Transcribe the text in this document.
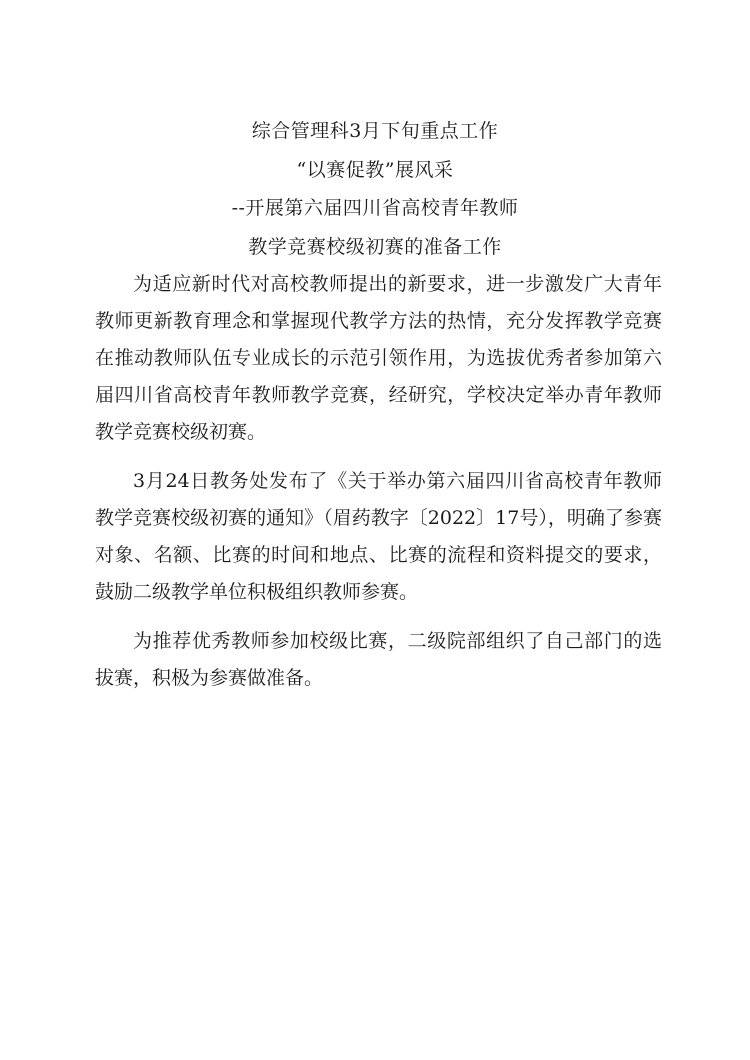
综合管理科3月下旬重点工作
“以赛促教”展风采
--开展第六届四川省高校青年教师
教学竞赛校级初赛的准备工作

为适应新时代对高校教师提出的新要求，进一步激发广大青年教师更新教育理念和掌握现代教学方法的热情，充分发挥教学竞赛在推动教师队伍专业成长的示范引领作用，为选拔优秀者参加第六届四川省高校青年教师教学竞赛，经研究，学校决定举办青年教师教学竞赛校级初赛。

3月24日教务处发布了《关于举办第六届四川省高校青年教师教学竞赛校级初赛的通知》（眉药教字〔2022〕17号），明确了参赛对象、名额、比赛的时间和地点、比赛的流程和资料提交的要求，鼓励二级教学单位积极组织教师参赛。

为推荐优秀教师参加校级比赛，二级院部组织了自己部门的选拔赛，积极为参赛做准备。
